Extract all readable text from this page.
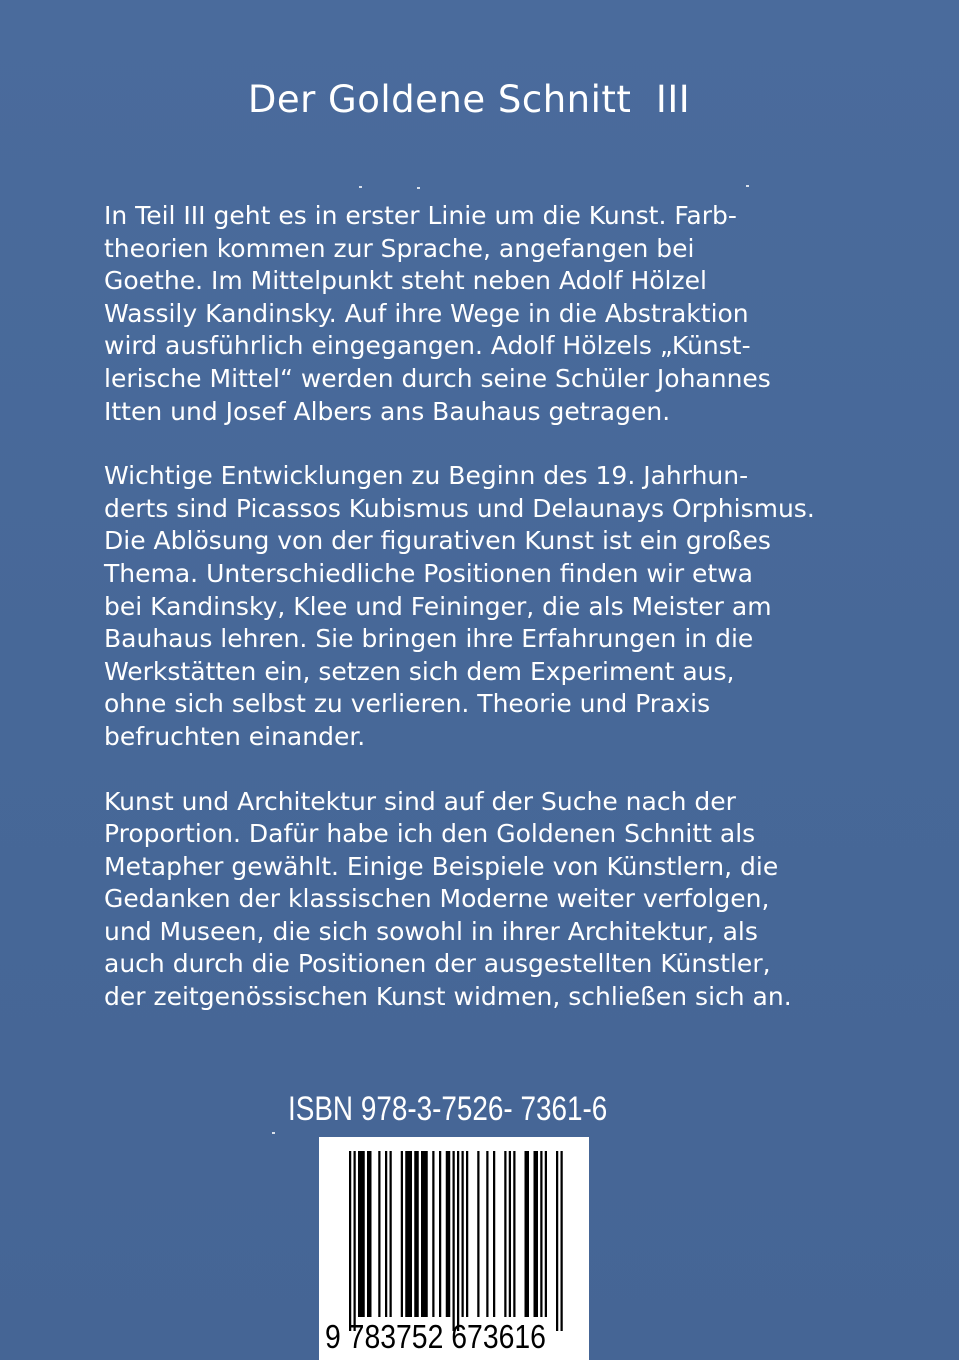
Der Goldene Schnitt  III

In Teil III geht es in erster Linie um die Kunst. Farb-
theorien kommen zur Sprache, angefangen bei
Goethe. Im Mittelpunkt steht neben Adolf Hölzel
Wassily Kandinsky. Auf ihre Wege in die Abstraktion
wird ausführlich eingegangen. Adolf Hölzels „Künst-
lerische Mittel“ werden durch seine Schüler Johannes
Itten und Josef Albers ans Bauhaus getragen.

Wichtige Entwicklungen zu Beginn des 19. Jahrhun-
derts sind Picassos Kubismus und Delaunays Orphismus.
Die Ablösung von der figurativen Kunst ist ein großes
Thema. Unterschiedliche Positionen finden wir etwa
bei Kandinsky, Klee und Feininger, die als Meister am
Bauhaus lehren. Sie bringen ihre Erfahrungen in die
Werkstätten ein, setzen sich dem Experiment aus,
ohne sich selbst zu verlieren. Theorie und Praxis
befruchten einander.

Kunst und Architektur sind auf der Suche nach der
Proportion. Dafür habe ich den Goldenen Schnitt als
Metapher gewählt. Einige Beispiele von Künstlern, die
Gedanken der klassischen Moderne weiter verfolgen,
und Museen, die sich sowohl in ihrer Architektur, als
auch durch die Positionen der ausgestellten Künstler,
der zeitgenössischen Kunst widmen, schließen sich an.

ISBN 978-3-7526- 7361-6
9 783752 673616
